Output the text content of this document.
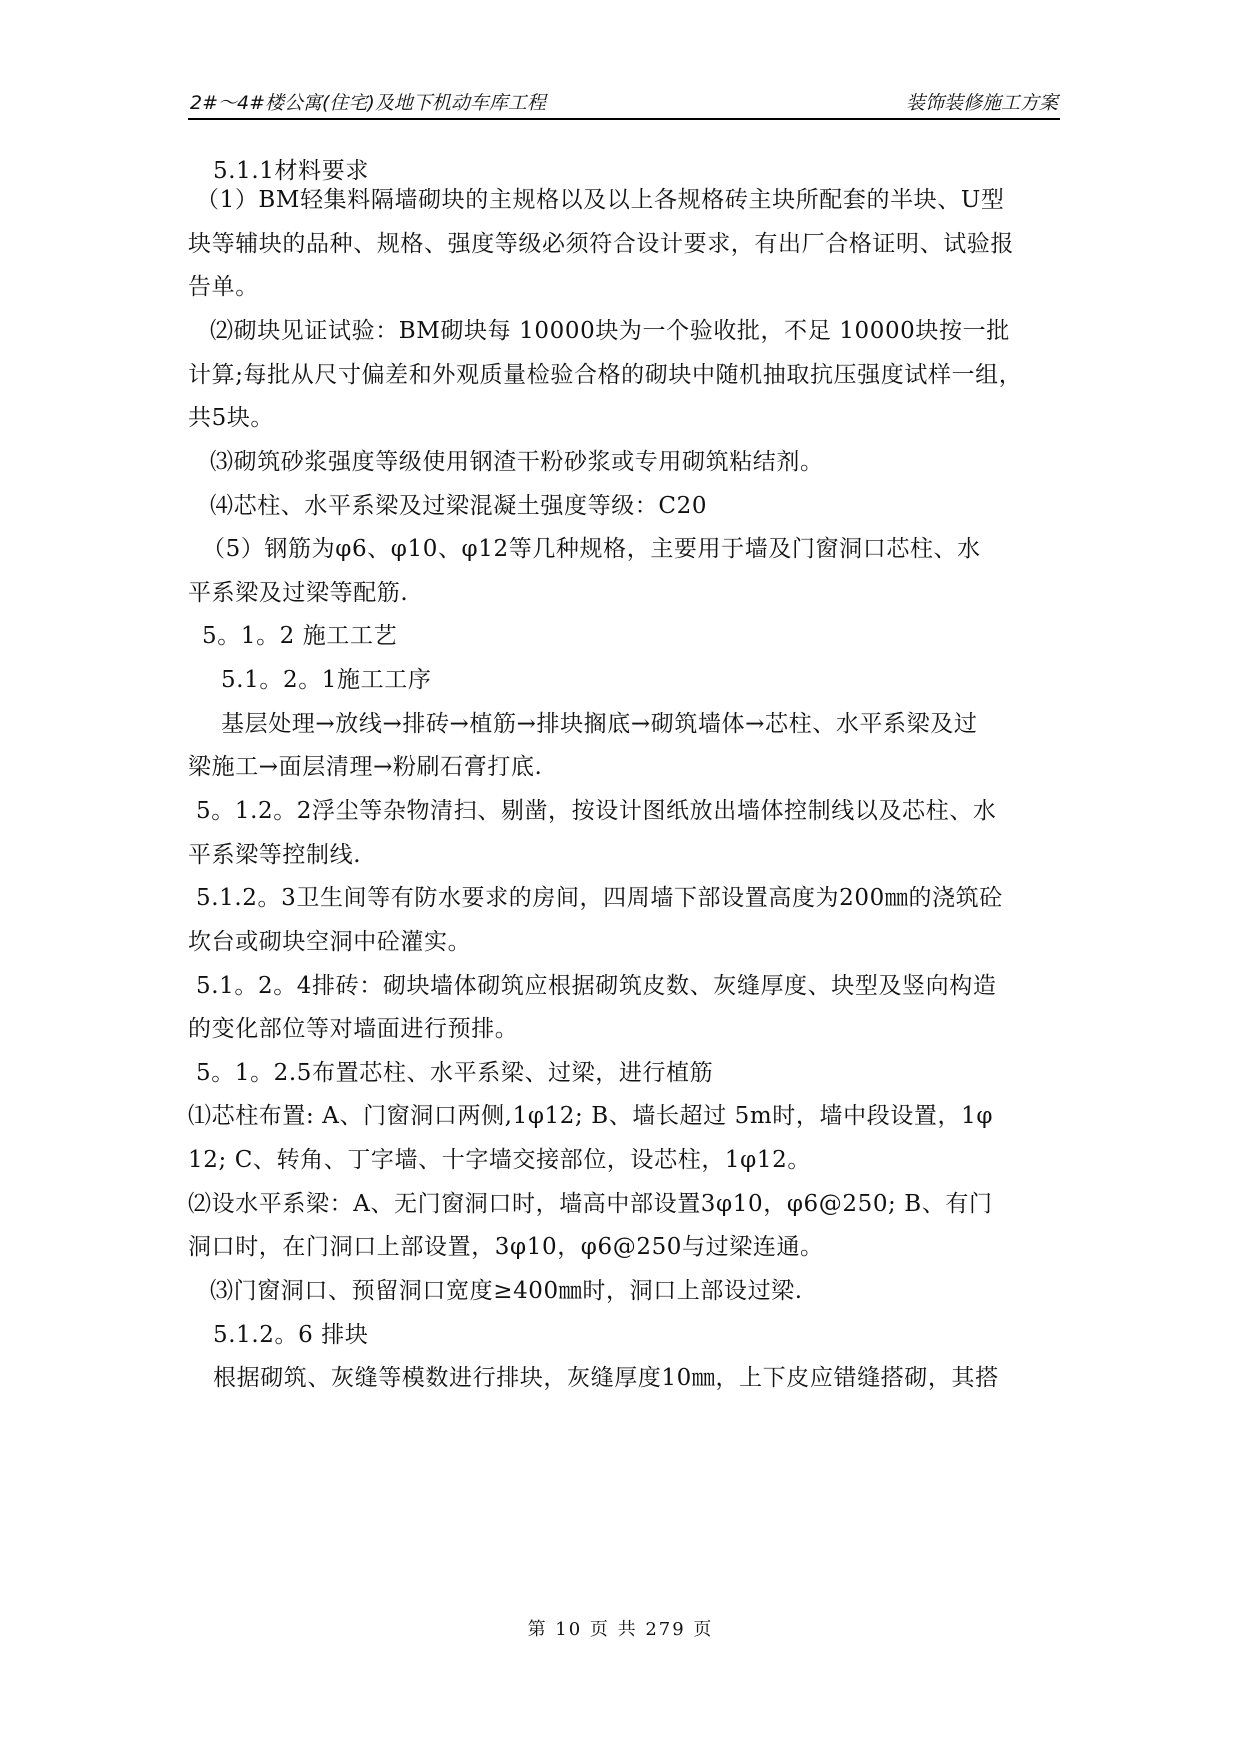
2#～4#楼公寓(住宅)及地下机动车库工程	装饰装修施工方案
5.1.1材料要求
（1）BM轻集料隔墙砌块的主规格以及以上各规格砖主块所配套的半块、U型
块等辅块的品种、规格、强度等级必须符合设计要求，有出厂合格证明、试验报
告单。
⑵砌块见证试验：BM砌块每 10000块为一个验收批，不足 10000块按一批
计算;每批从尺寸偏差和外观质量检验合格的砌块中随机抽取抗压强度试样一组，
共5块。
⑶砌筑砂浆强度等级使用钢渣干粉砂浆或专用砌筑粘结剂。
⑷芯柱、水平系梁及过梁混凝土强度等级：C20
（5）钢筋为φ6、φ10、φ12等几种规格，主要用于墙及门窗洞口芯柱、水
平系梁及过梁等配筋.
5。1。2 施工工艺
5.1。2。1施工工序
基层处理→放线→排砖→植筋→排块搁底→砌筑墙体→芯柱、水平系梁及过
梁施工→面层清理→粉刷石膏打底.
5。1.2。2浮尘等杂物清扫、剔凿，按设计图纸放出墙体控制线以及芯柱、水
平系梁等控制线.
5.1.2。3卫生间等有防水要求的房间，四周墙下部设置高度为200㎜的浇筑砼
坎台或砌块空洞中砼灌实。
5.1。2。4排砖：砌块墙体砌筑应根据砌筑皮数、灰缝厚度、块型及竖向构造
的变化部位等对墙面进行预排。
5。1。2.5布置芯柱、水平系梁、过梁，进行植筋
⑴芯柱布置: A、门窗洞口两侧,1φ12; B、墙长超过 5m时，墙中段设置，1φ
12; C、转角、丁字墙、十字墙交接部位，设芯柱，1φ12。
⑵设水平系梁：A、无门窗洞口时，墙高中部设置3φ10，φ6@250; B、有门
洞口时，在门洞口上部设置，3φ10，φ6@250与过梁连通。
⑶门窗洞口、预留洞口宽度≥400㎜时，洞口上部设过梁.
5.1.2。6 排块
根据砌筑、灰缝等模数进行排块，灰缝厚度10㎜，上下皮应错缝搭砌，其搭
第 10 页 共 279 页
